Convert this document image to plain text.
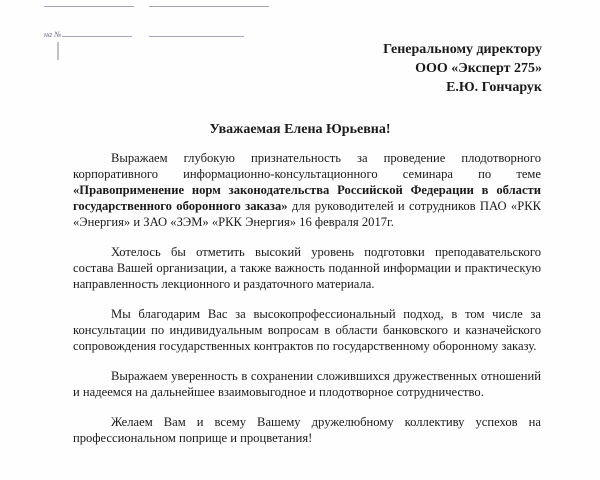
на №
Генеральному директору
ООО «Эксперт 275»
Е.Ю. Гончарук
Уважаемая Елена Юрьевна!

Выражаем глубокую признательность за проведение плодотворного корпоративного информационно-консультационного семинара по теме «Правоприменение норм законодательства Российской Федерации в области государственного оборонного заказа» для руководителей и сотрудников ПАО «РКК «Энергия» и ЗАО «ЗЭМ» «РКК Энергия» 16 февраля 2017г.

Хотелось бы отметить высокий уровень подготовки преподавательского состава Вашей организации, а также важность поданной информации и практическую направленность лекционного и раздаточного материала.

Мы благодарим Вас за высокопрофессиональный подход, в том числе за консультации по индивидуальным вопросам в области банковского и казначейского сопровождения государственных контрактов по государственному оборонному заказу.

Выражаем уверенность в сохранении сложившихся дружественных отношений и надеемся на дальнейшее взаимовыгодное и плодотворное сотрудничество.

Желаем Вам и всему Вашему дружелюбному коллективу успехов на профессиональном поприще и процветания!
